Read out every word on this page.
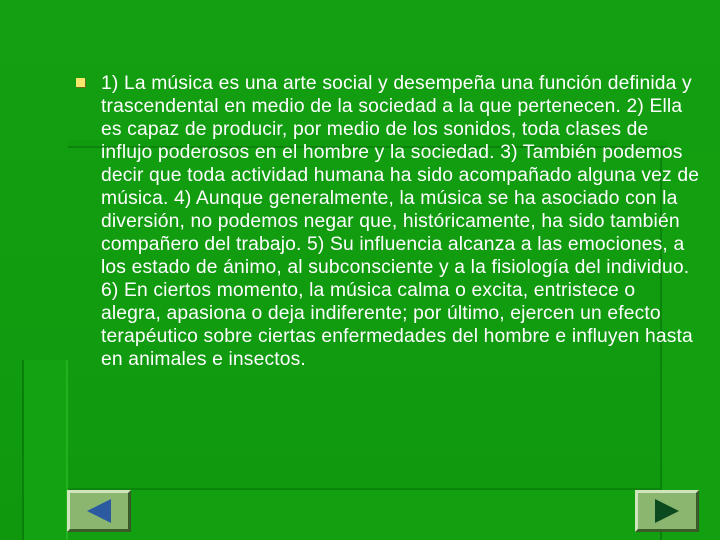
1) La música es una arte social y desempeña una función definida y trascendental en medio de la sociedad a la que pertenecen. 2) Ella es capaz de producir, por medio de los sonidos, toda clases de influjo poderosos en el hombre y la sociedad. 3) También podemos decir que toda actividad humana ha sido acompañado alguna vez de música. 4) Aunque generalmente, la música se ha asociado con la diversión, no podemos negar que, históricamente, ha sido también compañero del trabajo. 5) Su influencia alcanza a las emociones, a los estado de ánimo, al subconsciente y a la fisiología del individuo. 6) En ciertos momento, la música calma o excita, entristece o alegra, apasiona o deja indiferente; por último, ejercen un efecto terapéutico sobre ciertas enfermedades del hombre e influyen hasta en animales e insectos.
